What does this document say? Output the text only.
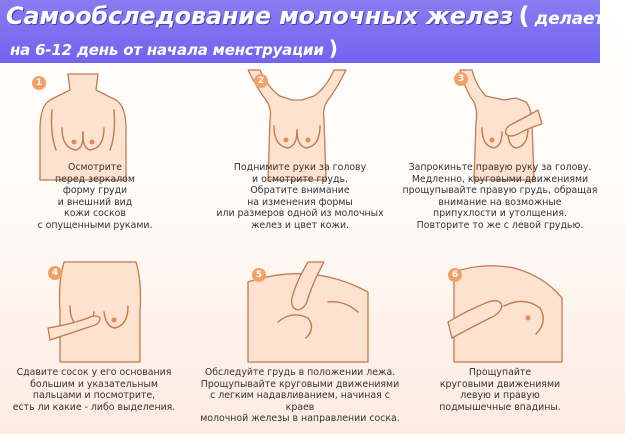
Самообследование молочных желез ( делается
на 6-12 день от начала менструации )
1
Осмотрите
перед зеркалом
форму груди
и внешний вид
кожи сосков
с опущенными руками.
2
Поднимите руки за голову
и осмотрите грудь.
Обратите внимание
на изменения формы
или размеров одной из молочных
желез и цвет кожи.
3
Запрокиньте правую руку за голову.
Медленно, круговыми движениями
прощупывайте правую грудь, обращая
внимание на возможные
припухлости и утолщения.
Повторите то же с левой грудью.
4
Сдавите сосок у его основания
большим и указательным
пальцами и посмотрите,
есть ли какие - либо выделения.
5
Обследуйте грудь в положении лежа.
Прощупывайте круговыми движениями
с легким надавливанием, начиная с краев
молочной железы в направлении соска.
6
Прощупайте
круговыми движениями
левую и правую
подмышечные впадины.
